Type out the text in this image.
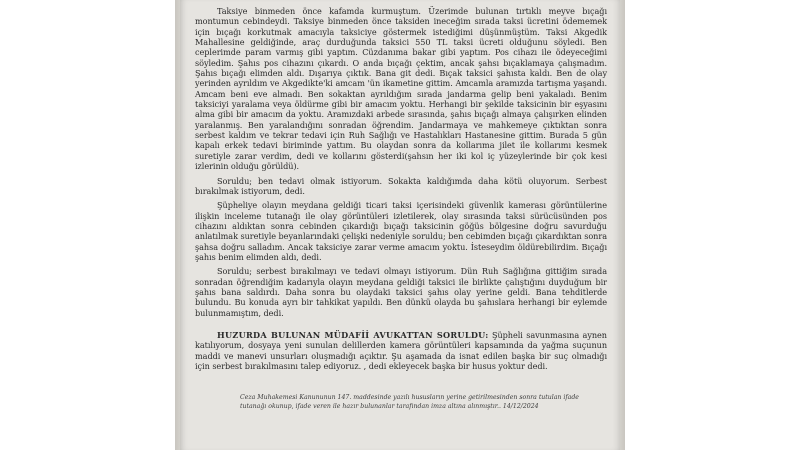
Taksiye binmeden önce kafamda kurmuştum. Üzerimde bulunan tırtıklı meyve bıçağı montumun cebindeydi. Taksiye binmeden önce taksiden ineceğim sırada taksi ücretini ödememek için bıçağı korkutmak amacıyla taksiciye göstermek istediğimi düşünmüştüm. Taksi Akgedik Mahallesine geldiğinde, araç durduğunda taksici 550 TL taksi ücreti olduğunu söyledi. Ben ceplerimde param varmış gibi yaptım. Cüzdanıma bakar gibi yaptım. Pos cihazı ile ödeyeceğimi söyledim. Şahıs pos cihazını çıkardı. O anda bıçağı çektim, ancak şahsı bıçaklamaya çalışmadım. Şahıs bıçağı elimden aldı. Dışarıya çıktık. Bana git dedi. Bıçak taksici şahısta kaldı. Ben de olay yerinden ayrıldım ve Akgedikte'ki amcam 'ün ikametine gittim. Amcamla aramızda tartışma yaşandı. Amcam beni eve almadı. Ben sokaktan ayrıldığım sırada jandarma gelip beni yakaladı. Benim taksiciyi yaralama veya öldürme gibi bir amacım yoktu. Herhangi bir şekilde taksicinin bir eşyasını alma gibi bir amacım da yoktu. Aramızdaki arbede sırasında, şahıs bıçağı almaya çalışırken elinden yaralanmış. Ben yaralandığını sonradan öğrendim. Jandarmaya ve mahkemeye çıktıktan sonra serbest kaldım ve tekrar tedavi için Ruh Sağlığı ve Hastalıkları Hastanesine gittim. Burada 5 gün kapalı erkek tedavi biriminde yattım. Bu olaydan sonra da kollarıma jilet ile kollarımı kesmek suretiyle zarar verdim, dedi ve kollarını gösterdi(şahsın her iki kol iç yüzeylerinde bir çok kesi izlerinin olduğu görüldü).

Soruldu; ben tedavi olmak istiyorum. Sokakta kaldığımda daha kötü oluyorum. Serbest bırakılmak istiyorum, dedi.

Şüpheliye olayın meydana geldiği ticari taksi içerisindeki güvenlik kamerası görüntülerine ilişkin inceleme tutanağı ile olay görüntüleri izletilerek, olay sırasında taksi sürücüsünden pos cihazını aldıktan sonra cebinden çıkardığı bıçağı taksicinin göğüs bölgesine doğru savurduğu anlatılmak suretiyle beyanlarındaki çelişki nedeniyle soruldu; ben cebimden bıçağı çıkardıktan sonra şahsa doğru salladım. Ancak taksiciye zarar verme amacım yoktu. İsteseydim öldürebilirdim. Bıçağı şahıs benim elimden aldı, dedi.

Soruldu; serbest bırakılmayı ve tedavi olmayı istiyorum. Dün Ruh Sağlığına gittiğim sırada sonradan öğrendiğim kadarıyla olayın meydana geldiği taksici ile birlikte çalıştığını duyduğum bir şahıs bana saldırdı. Daha sonra bu olaydaki taksici şahıs olay yerine geldi. Bana tehditlerde bulundu. Bu konuda ayrı bir tahkikat yapıldı. Ben dünkü olayda bu şahıslara herhangi bir eylemde bulunmamıştım, dedi.

HUZURDA BULUNAN MÜDAFİİ AVUKATTAN SORULDU: Şüpheli savunmasına aynen katılıyorum, dosyaya yeni sunulan delillerden kamera görüntüleri kapsamında da yağma suçunun maddi ve manevi unsurları oluşmadığı açıktır. Şu aşamada da isnat edilen başka bir suç olmadığı için serbest bırakılmasını talep ediyoruz. , dedi ekleyecek başka bir husus yoktur dedi.

Ceza Muhakemesi Kanununun 147. maddesinde yazılı hususların yerine getirilmesinden sonra tutulan ifade

tutanağı okunup, ifade veren ile hazır bulunanlar tarafından imza altına alınmıştır.. 14/12/2024
